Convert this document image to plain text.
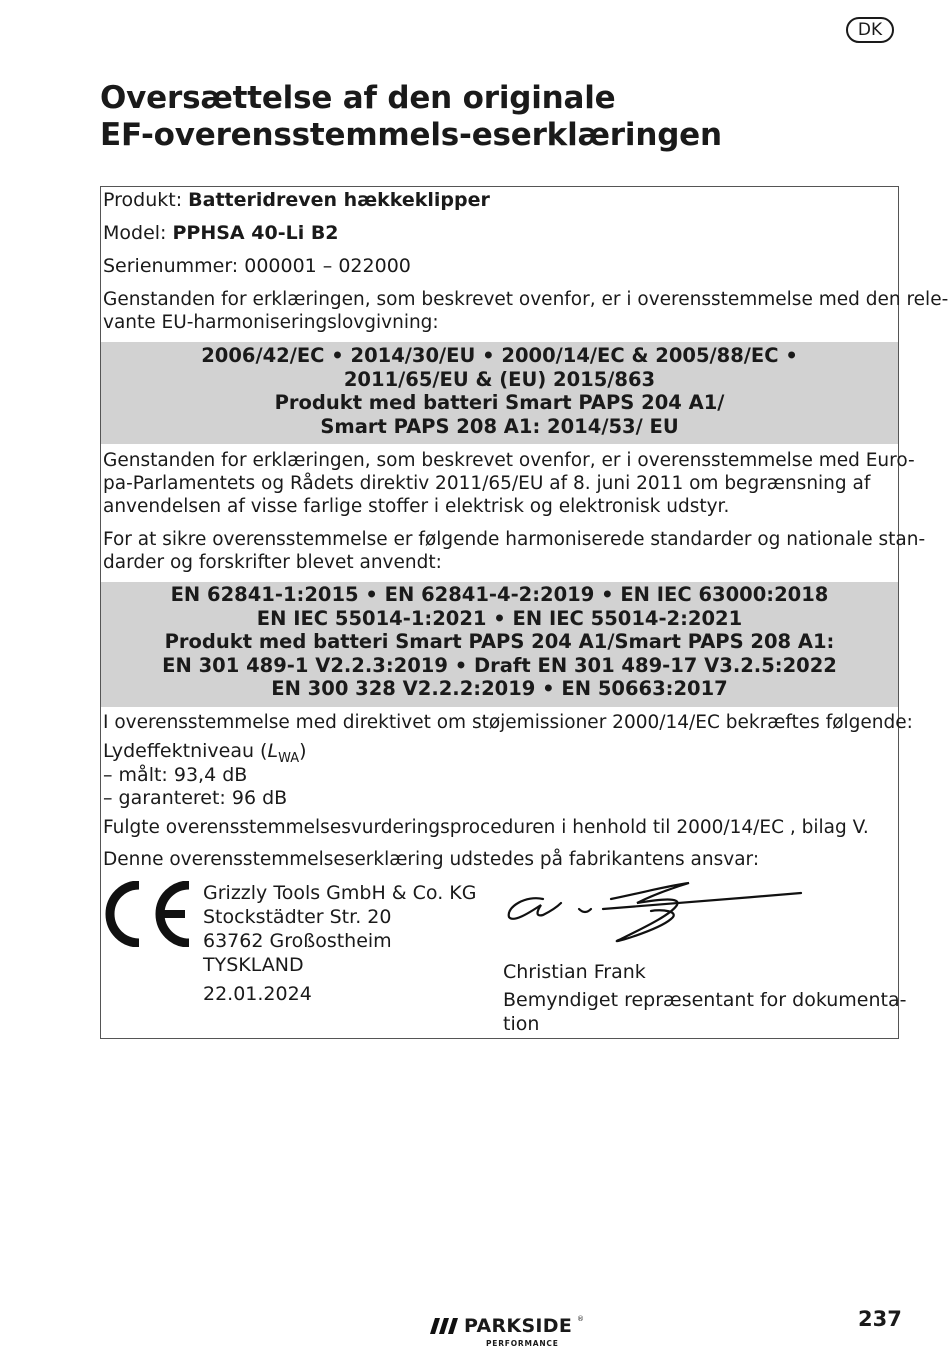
DK
Oversættelse af den originale
EF-overensstemmels-eserklæringen
Produkt: Batteridreven hækkeklipper
Model: PPHSA 40-Li B2
Serienummer: 000001 – 022000
Genstanden for erklæringen, som beskrevet ovenfor, er i overensstemmelse med den rele-
vante EU-harmoniseringslovgivning:
2006/42/EC • 2014/30/EU • 2000/14/EC & 2005/88/EC •
2011/65/EU & (EU) 2015/863
Produkt med batteri Smart PAPS 204 A1/
Smart PAPS 208 A1: 2014/53/ EU
Genstanden for erklæringen, som beskrevet ovenfor, er i overensstemmelse med Euro-
pa-Parlamentets og Rådets direktiv 2011/65/EU af 8. juni 2011 om begrænsning af
anvendelsen af visse farlige stoffer i elektrisk og elektronisk udstyr.
For at sikre overensstemmelse er følgende harmoniserede standarder og nationale stan-
darder og forskrifter blevet anvendt:
EN 62841-1:2015 • EN 62841-4-2:2019 • EN IEC 63000:2018
EN IEC 55014-1:2021 • EN IEC 55014-2:2021
Produkt med batteri Smart PAPS 204 A1/Smart PAPS 208 A1:
EN 301 489-1 V2.2.3:2019 • Draft EN 301 489-17 V3.2.5:2022
EN 300 328 V2.2.2:2019 • EN 50663:2017
I overensstemmelse med direktivet om støjemissioner 2000/14/EC bekræftes følgende:
Lydeffektniveau $(L_{WA})$
– målt: 93,4 dB
– garanteret: 96 dB
Fulgte overensstemmelsesvurderingsproceduren i henhold til 2000/14/EC , bilag V.
Denne overensstemmelseserklæring udstedes på fabrikantens ansvar:
Grizzly Tools GmbH & Co. KG
Stockstädter Str. 20
63762 Großostheim
TYSKLAND
22.01.2024
Christian Frank
Bemyndiget repræsentant for dokumenta-
tion
PARKSIDE ®
PERFORMANCE
237
